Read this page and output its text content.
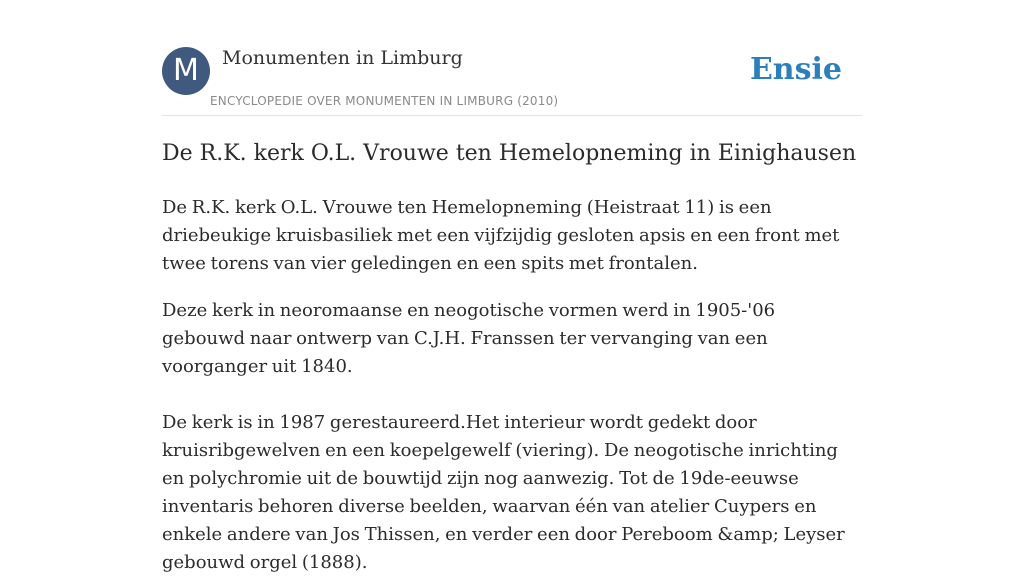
M	Monumenten in Limburg
ENCYCLOPEDIE OVER MONUMENTEN IN LIMBURG (2010)
Ensie
De R.K. kerk O.L. Vrouwe ten Hemelopneming in Einighausen

De R.K. kerk O.L. Vrouwe ten Hemelopneming (Heistraat 11) is een driebeukige kruisbasiliek met een vijfzijdig gesloten apsis en een front met twee torens van vier geledingen en een spits met frontalen.

Deze kerk in neoromaanse en neogotische vormen werd in 1905-'06 gebouwd naar ontwerp van C.J.H. Franssen ter vervanging van een voorganger uit 1840.

De kerk is in 1987 gerestaureerd.Het interieur wordt gedekt door kruisribgewelven en een koepelgewelf (viering). De neogotische inrichting en polychromie uit de bouwtijd zijn nog aanwezig. Tot de 19de-eeuwse inventaris behoren diverse beelden, waarvan één van atelier Cuypers en enkele andere van Jos Thissen, en verder een door Pereboom &amp; Leyser gebouwd orgel (1888).
